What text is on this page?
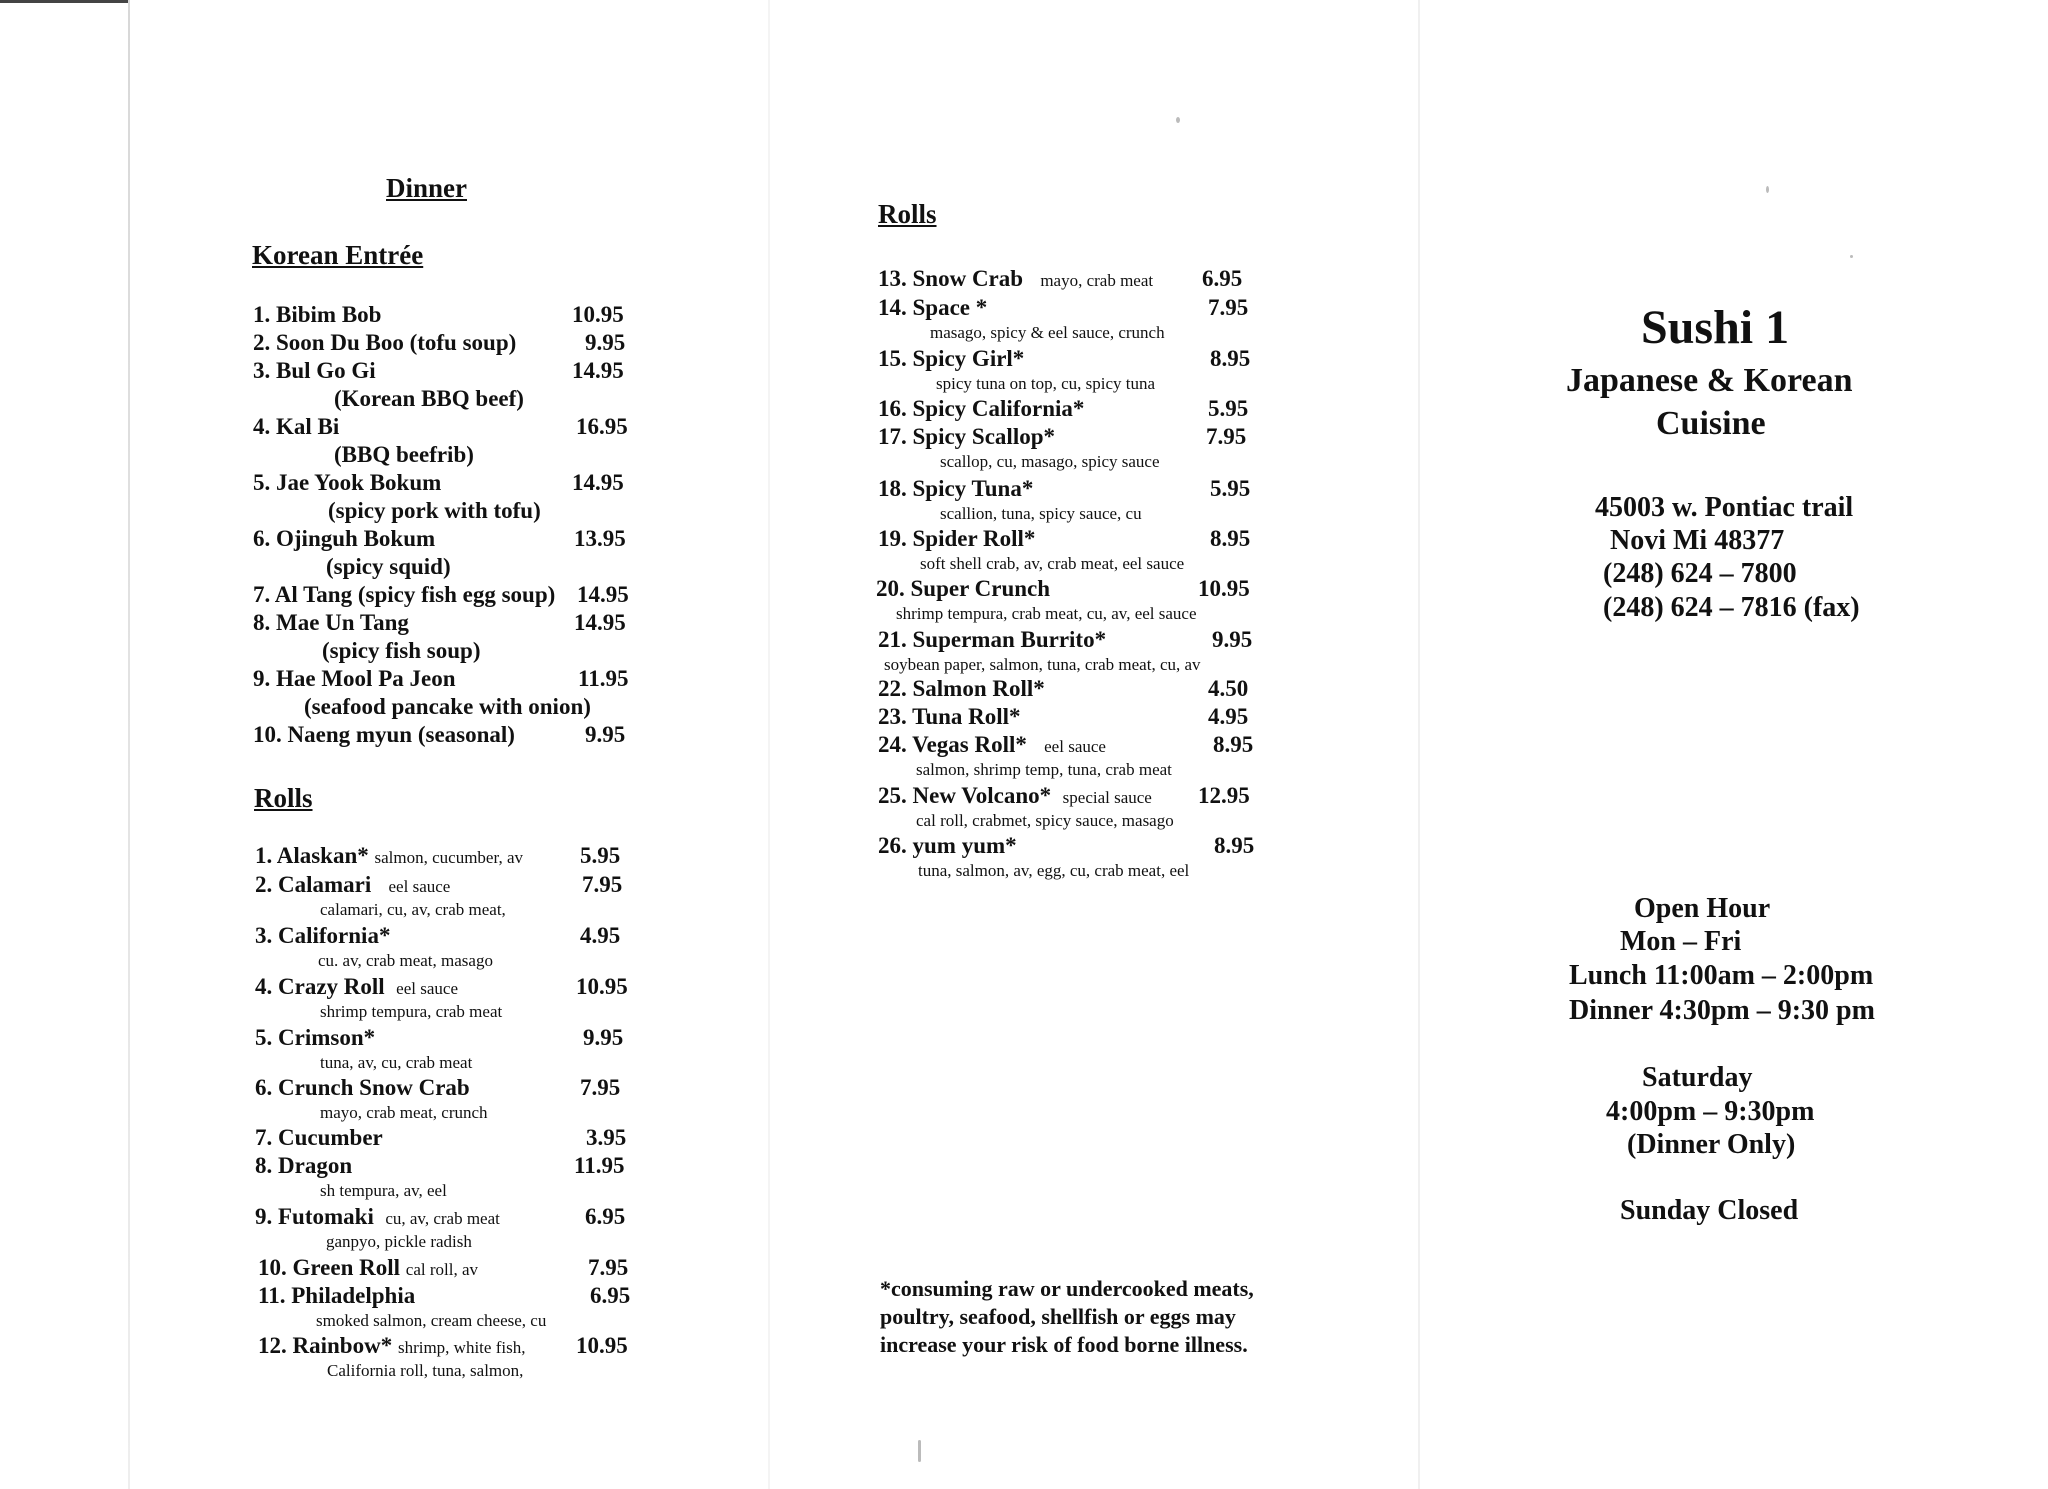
Dinner
Korean Entrée
1. Bibim Bob	10.95
2. Soon Du Boo (tofu soup)	9.95
3. Bul Go Gi	14.95
(Korean BBQ beef)
4. Kal Bi	16.95
(BBQ beefrib)
5. Jae Yook Bokum	14.95
(spicy pork with tofu)
6. Ojinguh Bokum	13.95
(spicy squid)
7. Al Tang (spicy fish egg soup) 14.95
8. Mae Un Tang	14.95
(spicy fish soup)
9. Hae Mool Pa Jeon	11.95
(seafood pancake with onion)
10. Naeng myun (seasonal)	9.95
Rolls
1. Alaskan* salmon, cucumber, av 5.95
2. Calamari eel sauce	7.95
calamari, cu, av, crab meat,
3. California*	4.95
cu. av, crab meat, masago
4. Crazy Roll eel sauce	10.95
shrimp tempura, crab meat
5. Crimson*	9.95
tuna, av, cu, crab meat
6. Crunch Snow Crab	7.95
mayo, crab meat, crunch
7. Cucumber	3.95
8. Dragon	11.95
sh tempura, av, eel
9. Futomaki cu, av, crab meat	6.95
ganpyo, pickle radish
10. Green Roll cal roll, av	7.95
11. Philadelphia	6.95
smoked salmon, cream cheese, cu
12. Rainbow* shrimp, white fish, 10.95
California roll, tuna, salmon,
Rolls
13. Snow Crab mayo, crab meat 6.95
14. Space *	7.95
masago, spicy & eel sauce, crunch
15. Spicy Girl*	8.95
spicy tuna on top, cu, spicy tuna
16. Spicy California*	5.95
17. Spicy Scallop*	7.95
scallop, cu, masago, spicy sauce
18. Spicy Tuna*	5.95
scallion, tuna, spicy sauce, cu
19. Spider Roll*	8.95
soft shell crab, av, crab meat, eel sauce
20. Super Crunch	10.95
shrimp tempura, crab meat, cu, av, eel sauce
21. Superman Burrito*	9.95
soybean paper, salmon, tuna, crab meat, cu, av
22. Salmon Roll*	4.50
23. Tuna Roll*	4.95
24. Vegas Roll* eel sauce	8.95
salmon, shrimp temp, tuna, crab meat
25. New Volcano* special sauce 12.95
cal roll, crabmet, spicy sauce, masago
26. yum yum*	8.95
tuna, salmon, av, egg, cu, crab meat, eel
*consuming raw or undercooked meats, poultry, seafood, shellfish or eggs may increase your risk of food borne illness.
Sushi 1
Japanese & Korean
Cuisine
45003 w. Pontiac trail
Novi Mi 48377
(248) 624 – 7800
(248) 624 – 7816 (fax)
Open Hour
Mon – Fri
Lunch 11:00am – 2:00pm
Dinner 4:30pm – 9:30 pm
Saturday
4:00pm – 9:30pm
(Dinner Only)
Sunday Closed
